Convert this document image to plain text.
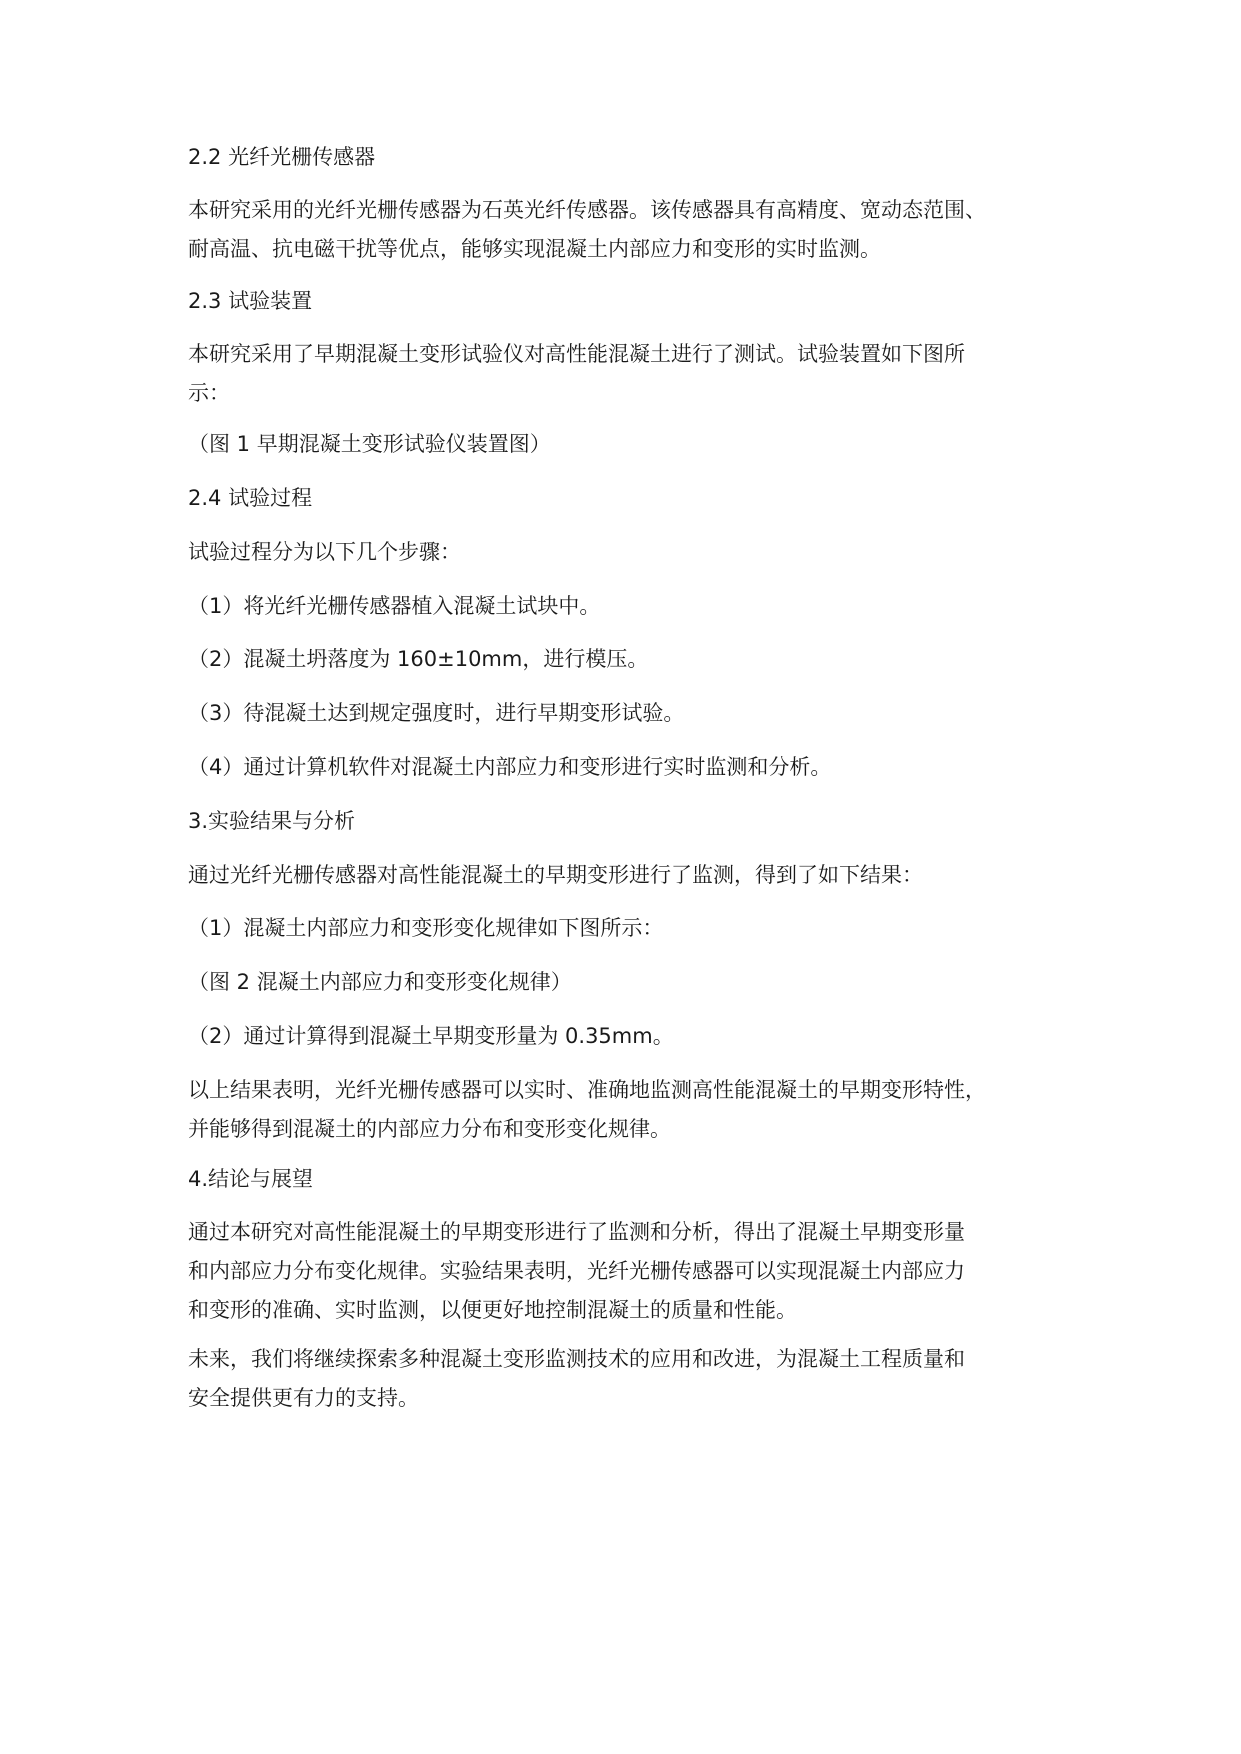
2.2 光纤光栅传感器
本研究采用的光纤光栅传感器为石英光纤传感器。该传感器具有高精度、宽动态范围、
耐高温、抗电磁干扰等优点，能够实现混凝土内部应力和变形的实时监测。
2.3 试验装置
本研究采用了早期混凝土变形试验仪对高性能混凝土进行了测试。试验装置如下图所
示：
（图 1 早期混凝土变形试验仪装置图）
2.4 试验过程
试验过程分为以下几个步骤：
（1）将光纤光栅传感器植入混凝土试块中。
（2）混凝土坍落度为 160±10mm，进行模压。
（3）待混凝土达到规定强度时，进行早期变形试验。
（4）通过计算机软件对混凝土内部应力和变形进行实时监测和分析。
3.实验结果与分析
通过光纤光栅传感器对高性能混凝土的早期变形进行了监测，得到了如下结果：
（1）混凝土内部应力和变形变化规律如下图所示：
（图 2 混凝土内部应力和变形变化规律）
（2）通过计算得到混凝土早期变形量为 0.35mm。
以上结果表明，光纤光栅传感器可以实时、准确地监测高性能混凝土的早期变形特性，
并能够得到混凝土的内部应力分布和变形变化规律。
4.结论与展望
通过本研究对高性能混凝土的早期变形进行了监测和分析，得出了混凝土早期变形量
和内部应力分布变化规律。实验结果表明，光纤光栅传感器可以实现混凝土内部应力
和变形的准确、实时监测，以便更好地控制混凝土的质量和性能。
未来，我们将继续探索多种混凝土变形监测技术的应用和改进，为混凝土工程质量和
安全提供更有力的支持。
